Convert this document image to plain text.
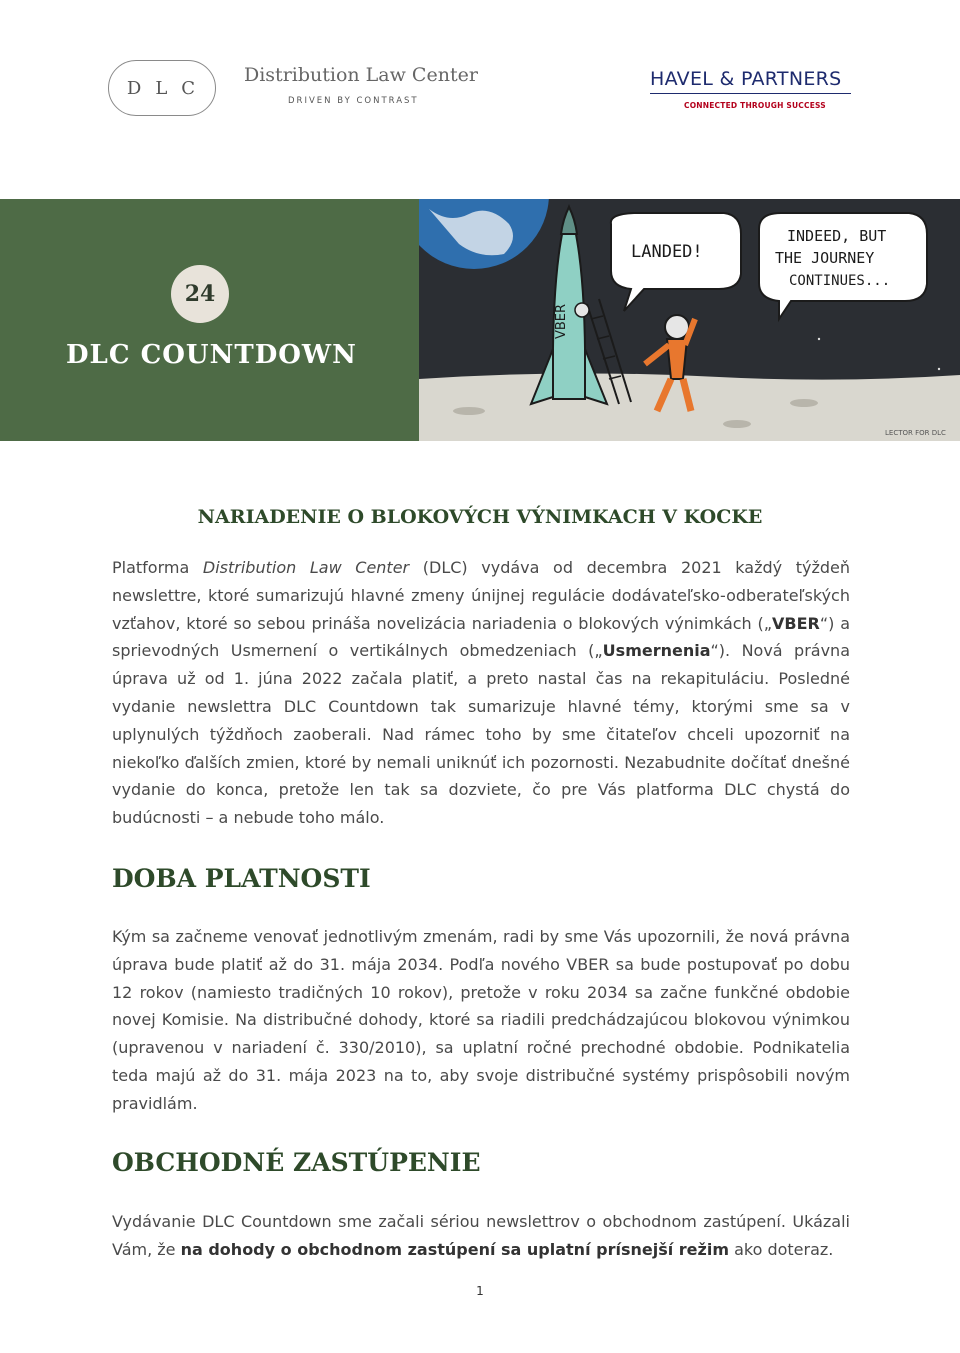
DLC
Distribution Law Center
DRIVEN BY CONTRAST
HAVEL & PARTNERS
CONNECTED THROUGH SUCCESS
24
DLC COUNTDOWN
VBER
LANDED!
INDEED, BUT
THE JOURNEY
CONTINUES...
LECTOR FOR DLC
NARIADENIE O BLOKOVÝCH VÝNIMKACH V KOCKE

Platforma Distribution Law Center (DLC) vydáva od decembra 2021 každý týždeň newslettre, ktoré sumarizujú hlavné zmeny únijnej regulácie dodávateľsko-odberateľských vzťahov, ktoré so sebou prináša novelizácia nariadenia o blokových výnimkách („VBER“) a sprievodných Usmernení o vertikálnych obmedzeniach („Usmernenia“). Nová právna úprava už od 1. júna 2022 začala platiť, a preto nastal čas na rekapituláciu. Posledné vydanie newslettra DLC Countdown tak sumarizuje hlavné témy, ktorými sme sa v uplynulých týždňoch zaoberali. Nad rámec toho by sme čitateľov chceli upozorniť na niekoľko ďalších zmien, ktoré by nemali uniknúť ich pozornosti. Nezabudnite dočítať dnešné vydanie do konca, pretože len tak sa dozviete, čo pre Vás platforma DLC chystá do budúcnosti – a nebude toho málo.

DOBA PLATNOSTI

Kým sa začneme venovať jednotlivým zmenám, radi by sme Vás upozornili, že nová právna úprava bude platiť až do 31. mája 2034. Podľa nového VBER sa bude postupovať po dobu 12 rokov (namiesto tradičných 10 rokov), pretože v roku 2034 sa začne funkčné obdobie novej Komisie. Na distribučné dohody, ktoré sa riadili predchádzajúcou blokovou výnimkou (upravenou v nariadení č. 330/2010), sa uplatní ročné prechodné obdobie. Podnikatelia teda majú až do 31. mája 2023 na to, aby svoje distribučné systémy prispôsobili novým pravidlám.

OBCHODNÉ ZASTÚPENIE

Vydávanie DLC Countdown sme začali sériou newslettrov o obchodnom zastúpení. Ukázali Vám, že na dohody o obchodnom zastúpení sa uplatní prísnejší režim ako doteraz.

1
